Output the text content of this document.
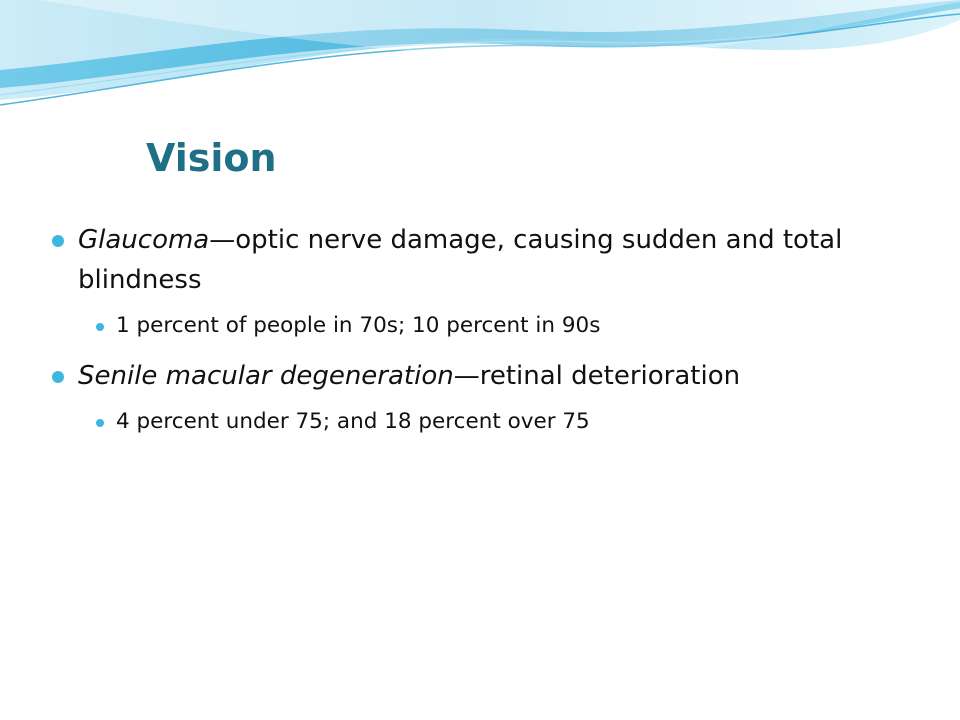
Vision
Glaucoma—optic nerve damage, causing sudden and total blindness
1 percent of people in 70s; 10 percent in 90s
Senile macular degeneration—retinal deterioration
4 percent under 75; and 18 percent over 75
